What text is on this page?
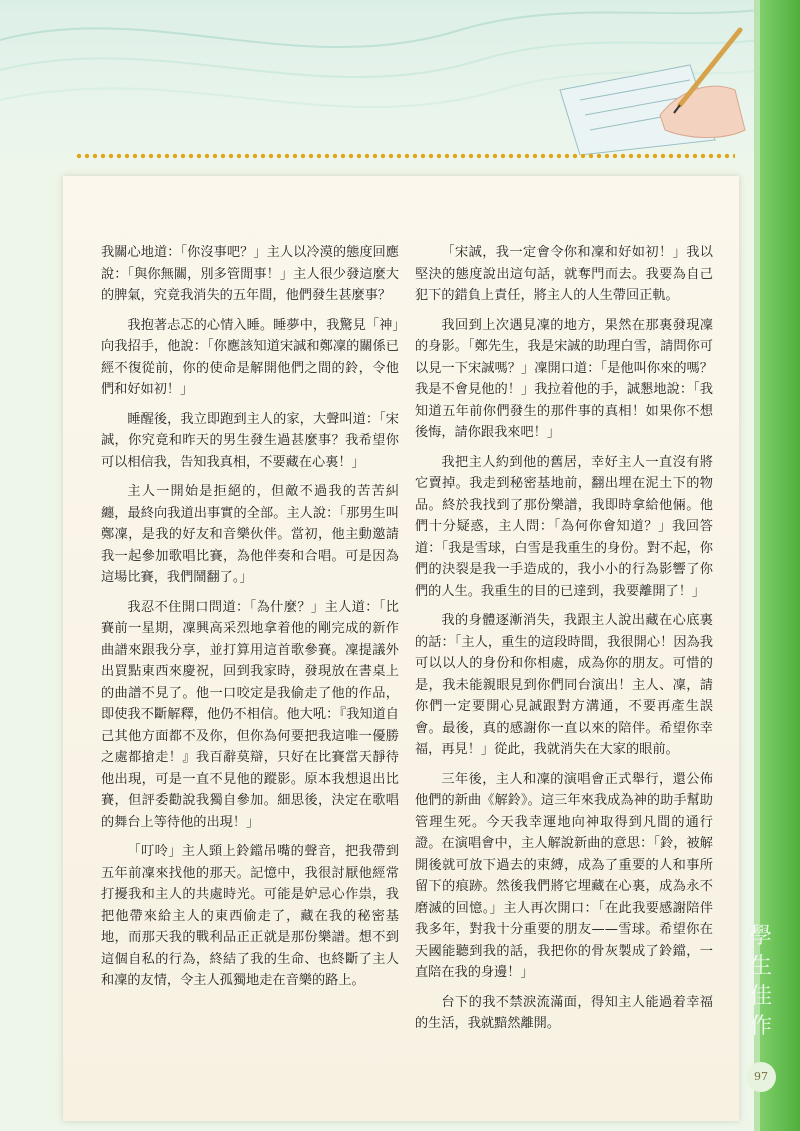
我關心地道：「你沒事吧？」主人以冷漠的態度回應說：「與你無關，別多管閒事！」主人很少發這麼大的脾氣，究竟我消失的五年間，他們發生甚麼事？

我抱著忐忑的心情入睡。睡夢中，我驚見「神」向我招手，他說：「你應該知道宋誠和鄭凜的關係已經不復從前，你的使命是解開他們之間的鈴，令他們和好如初！」

睡醒後，我立即跑到主人的家，大聲叫道：「宋誠，你究竟和昨天的男生發生過甚麼事？我希望你可以相信我，告知我真相，不要藏在心裏！」

主人一開始是拒絕的，但敵不過我的苦苦糾纏，最終向我道出事實的全部。主人說：「那男生叫鄭凜，是我的好友和音樂伙伴。當初，他主動邀請我一起參加歌唱比賽，為他伴奏和合唱。可是因為這場比賽，我們鬧翻了。」

我忍不住開口問道：「為什麼？」主人道：「比賽前一星期，凜興高采烈地拿着他的剛完成的新作曲譜來跟我分享，並打算用這首歌參賽。凜提議外出買點東西來慶祝，回到我家時，發現放在書桌上的曲譜不見了。他一口咬定是我偷走了他的作品，即使我不斷解釋，他仍不相信。他大吼：『我知道自己其他方面都不及你，但你為何要把我這唯一優勝之處都搶走！』我百辭莫辯，只好在比賽當天靜待他出現，可是一直不見他的蹤影。原本我想退出比賽，但評委勸說我獨自參加。細思後，決定在歌唱的舞台上等待他的出現！」

「叮呤」主人頸上鈴鐺吊嘴的聲音，把我帶到五年前凜來找他的那天。記憶中，我很討厭他經常打擾我和主人的共處時光。可能是妒忌心作祟，我把他帶來給主人的東西偷走了，藏在我的秘密基地，而那天我的戰利品正正就是那份樂譜。想不到這個自私的行為，終結了我的生命、也終斷了主人和凜的友情，令主人孤獨地走在音樂的路上。

「宋誠，我一定會令你和凜和好如初！」我以堅決的態度說出這句話，就奪門而去。我要為自己犯下的錯負上責任，將主人的人生帶回正軌。

我回到上次遇見凜的地方，果然在那裏發現凜的身影。「鄭先生，我是宋誠的助理白雪，請問你可以見一下宋誠嗎？」凜開口道：「是他叫你來的嗎？我是不會見他的！」我拉着他的手，誠懇地說：「我知道五年前你們發生的那件事的真相！如果你不想後悔，請你跟我來吧！」

我把主人約到他的舊居，幸好主人一直沒有將它賣掉。我走到秘密基地前，翻出埋在泥土下的物品。終於我找到了那份樂譜，我即時拿給他倆。他們十分疑惑，主人問：「為何你會知道？」我回答道：「我是雪球，白雪是我重生的身份。對不起，你們的決裂是我一手造成的，我小小的行為影響了你們的人生。我重生的目的已達到，我要離開了！」

我的身體逐漸消失，我跟主人說出藏在心底裏的話：「主人，重生的這段時間，我很開心！因為我可以以人的身份和你相處，成為你的朋友。可惜的是，我未能親眼見到你們同台演出！主人、凜，請你們一定要開心見誠跟對方溝通，不要再產生誤會。最後，真的感謝你一直以來的陪伴。希望你幸福，再見！」從此，我就消失在大家的眼前。

三年後，主人和凜的演唱會正式舉行，還公佈他們的新曲《解鈴》。這三年來我成為神的助手幫助管理生死。今天我幸運地向神取得到凡間的通行證。在演唱會中，主人解說新曲的意思：「鈴，被解開後就可放下過去的束縛，成為了重要的人和事所留下的痕跡。然後我們將它埋藏在心裏，成為永不磨滅的回憶。」主人再次開口：「在此我要感謝陪伴我多年，對我十分重要的朋友——雪球。希望你在天國能聽到我的話，我把你的骨灰製成了鈴鐺，一直陪在我的身邊！」

台下的我不禁淚流滿面，得知主人能過着幸福的生活，我就黯然離開。

學
生
佳
作
97
